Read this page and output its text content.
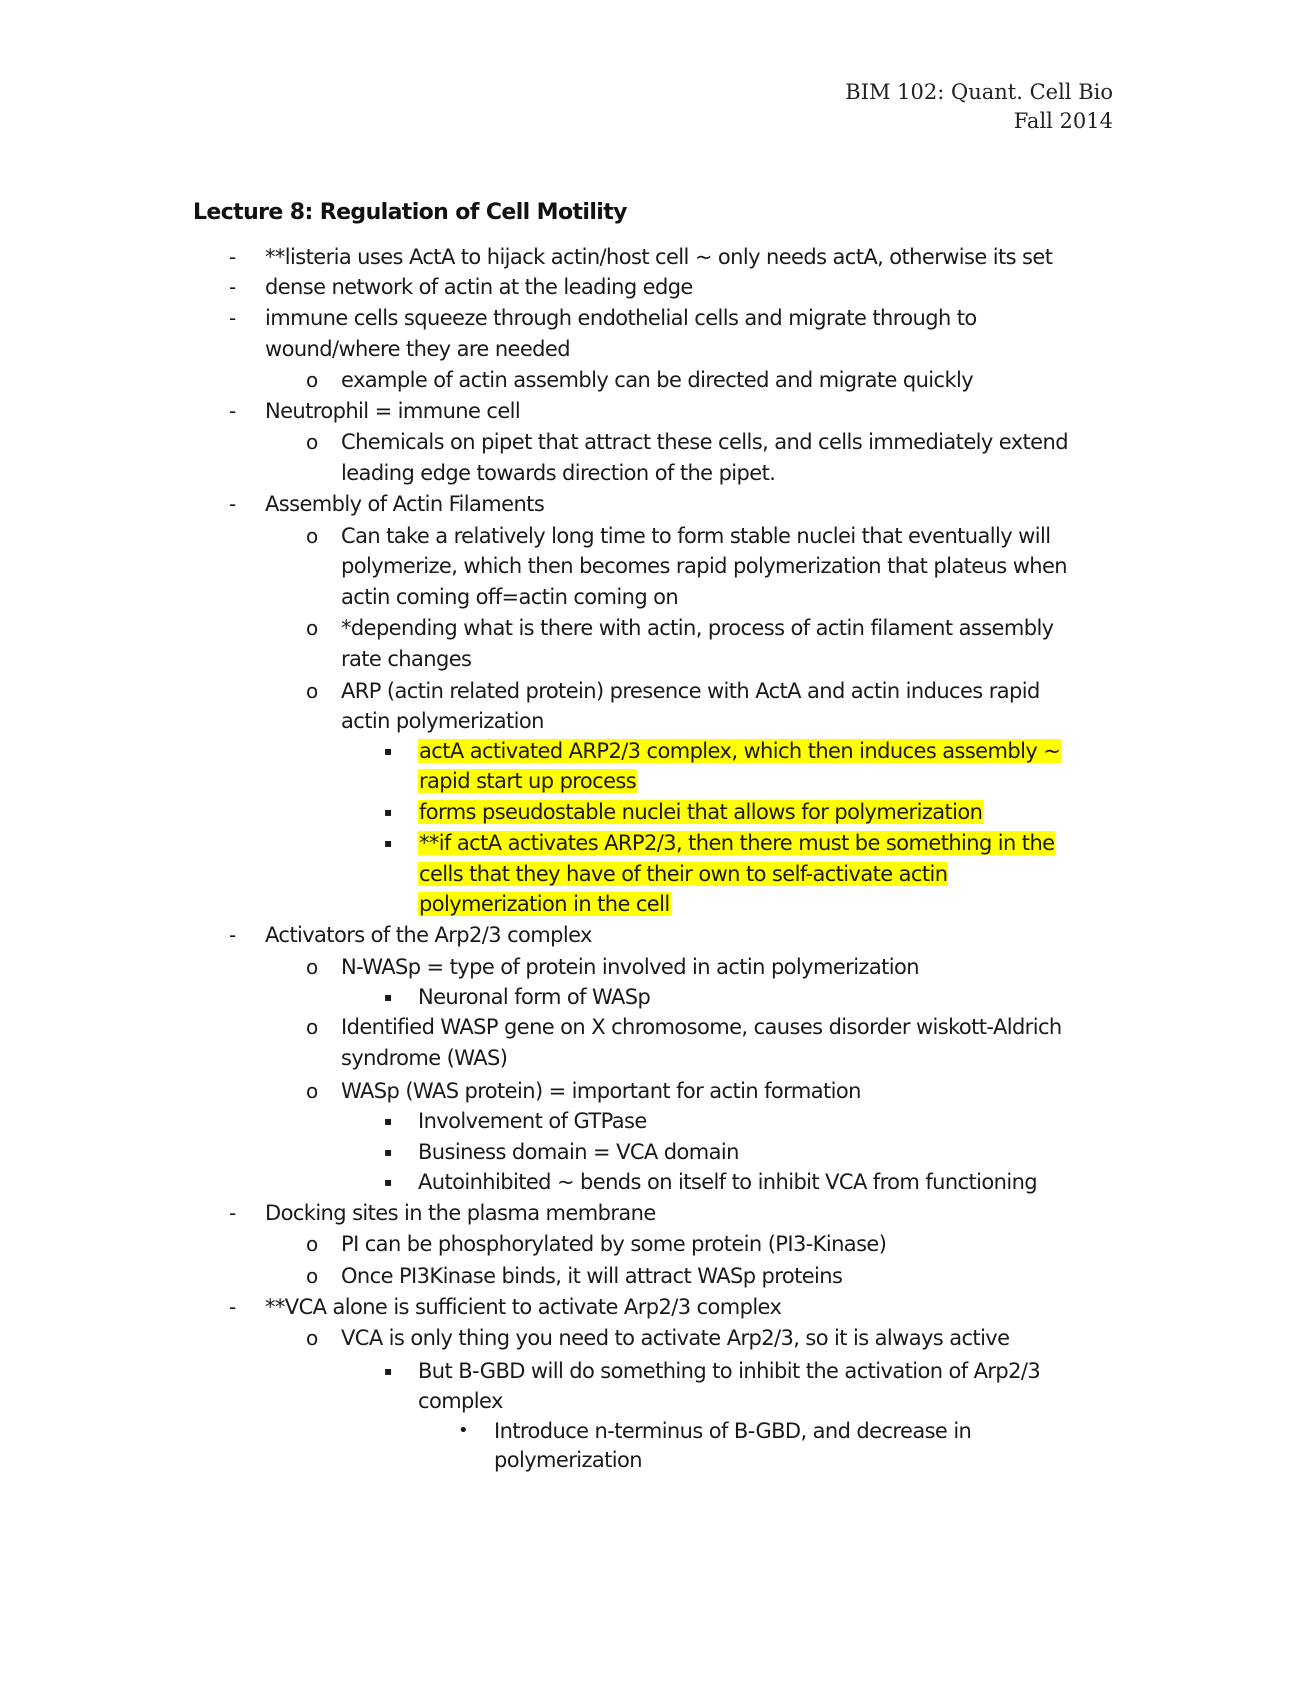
BIM 102: Quant. Cell Bio
Fall 2014
Lecture 8: Regulation of Cell Motility
- **listeria uses ActA to hijack actin/host cell ~ only needs actA, otherwise its set
- dense network of actin at the leading edge
- immune cells squeeze through endothelial cells and migrate through to
wound/where they are needed
o example of actin assembly can be directed and migrate quickly
- Neutrophil = immune cell
o Chemicals on pipet that attract these cells, and cells immediately extend
leading edge towards direction of the pipet.
- Assembly of Actin Filaments
o Can take a relatively long time to form stable nuclei that eventually will
polymerize, which then becomes rapid polymerization that plateus when
actin coming off=actin coming on
o *depending what is there with actin, process of actin filament assembly
rate changes
o ARP (actin related protein) presence with ActA and actin induces rapid
actin polymerization
▪ actA activated ARP2/3 complex, which then induces assembly ~
rapid start up process
▪ forms pseudostable nuclei that allows for polymerization
▪ **if actA activates ARP2/3, then there must be something in the
cells that they have of their own to self-activate actin
polymerization in the cell
- Activators of the Arp2/3 complex
o N-WASp = type of protein involved in actin polymerization
▪ Neuronal form of WASp
o Identified WASP gene on X chromosome, causes disorder wiskott-Aldrich
syndrome (WAS)
o WASp (WAS protein) = important for actin formation
▪ Involvement of GTPase
▪ Business domain = VCA domain
▪ Autoinhibited ~ bends on itself to inhibit VCA from functioning
- Docking sites in the plasma membrane
o PI can be phosphorylated by some protein (PI3-Kinase)
o Once PI3Kinase binds, it will attract WASp proteins
- **VCA alone is sufficient to activate Arp2/3 complex
o VCA is only thing you need to activate Arp2/3, so it is always active
▪ But B-GBD will do something to inhibit the activation of Arp2/3
complex
• Introduce n-terminus of B-GBD, and decrease in
polymerization
